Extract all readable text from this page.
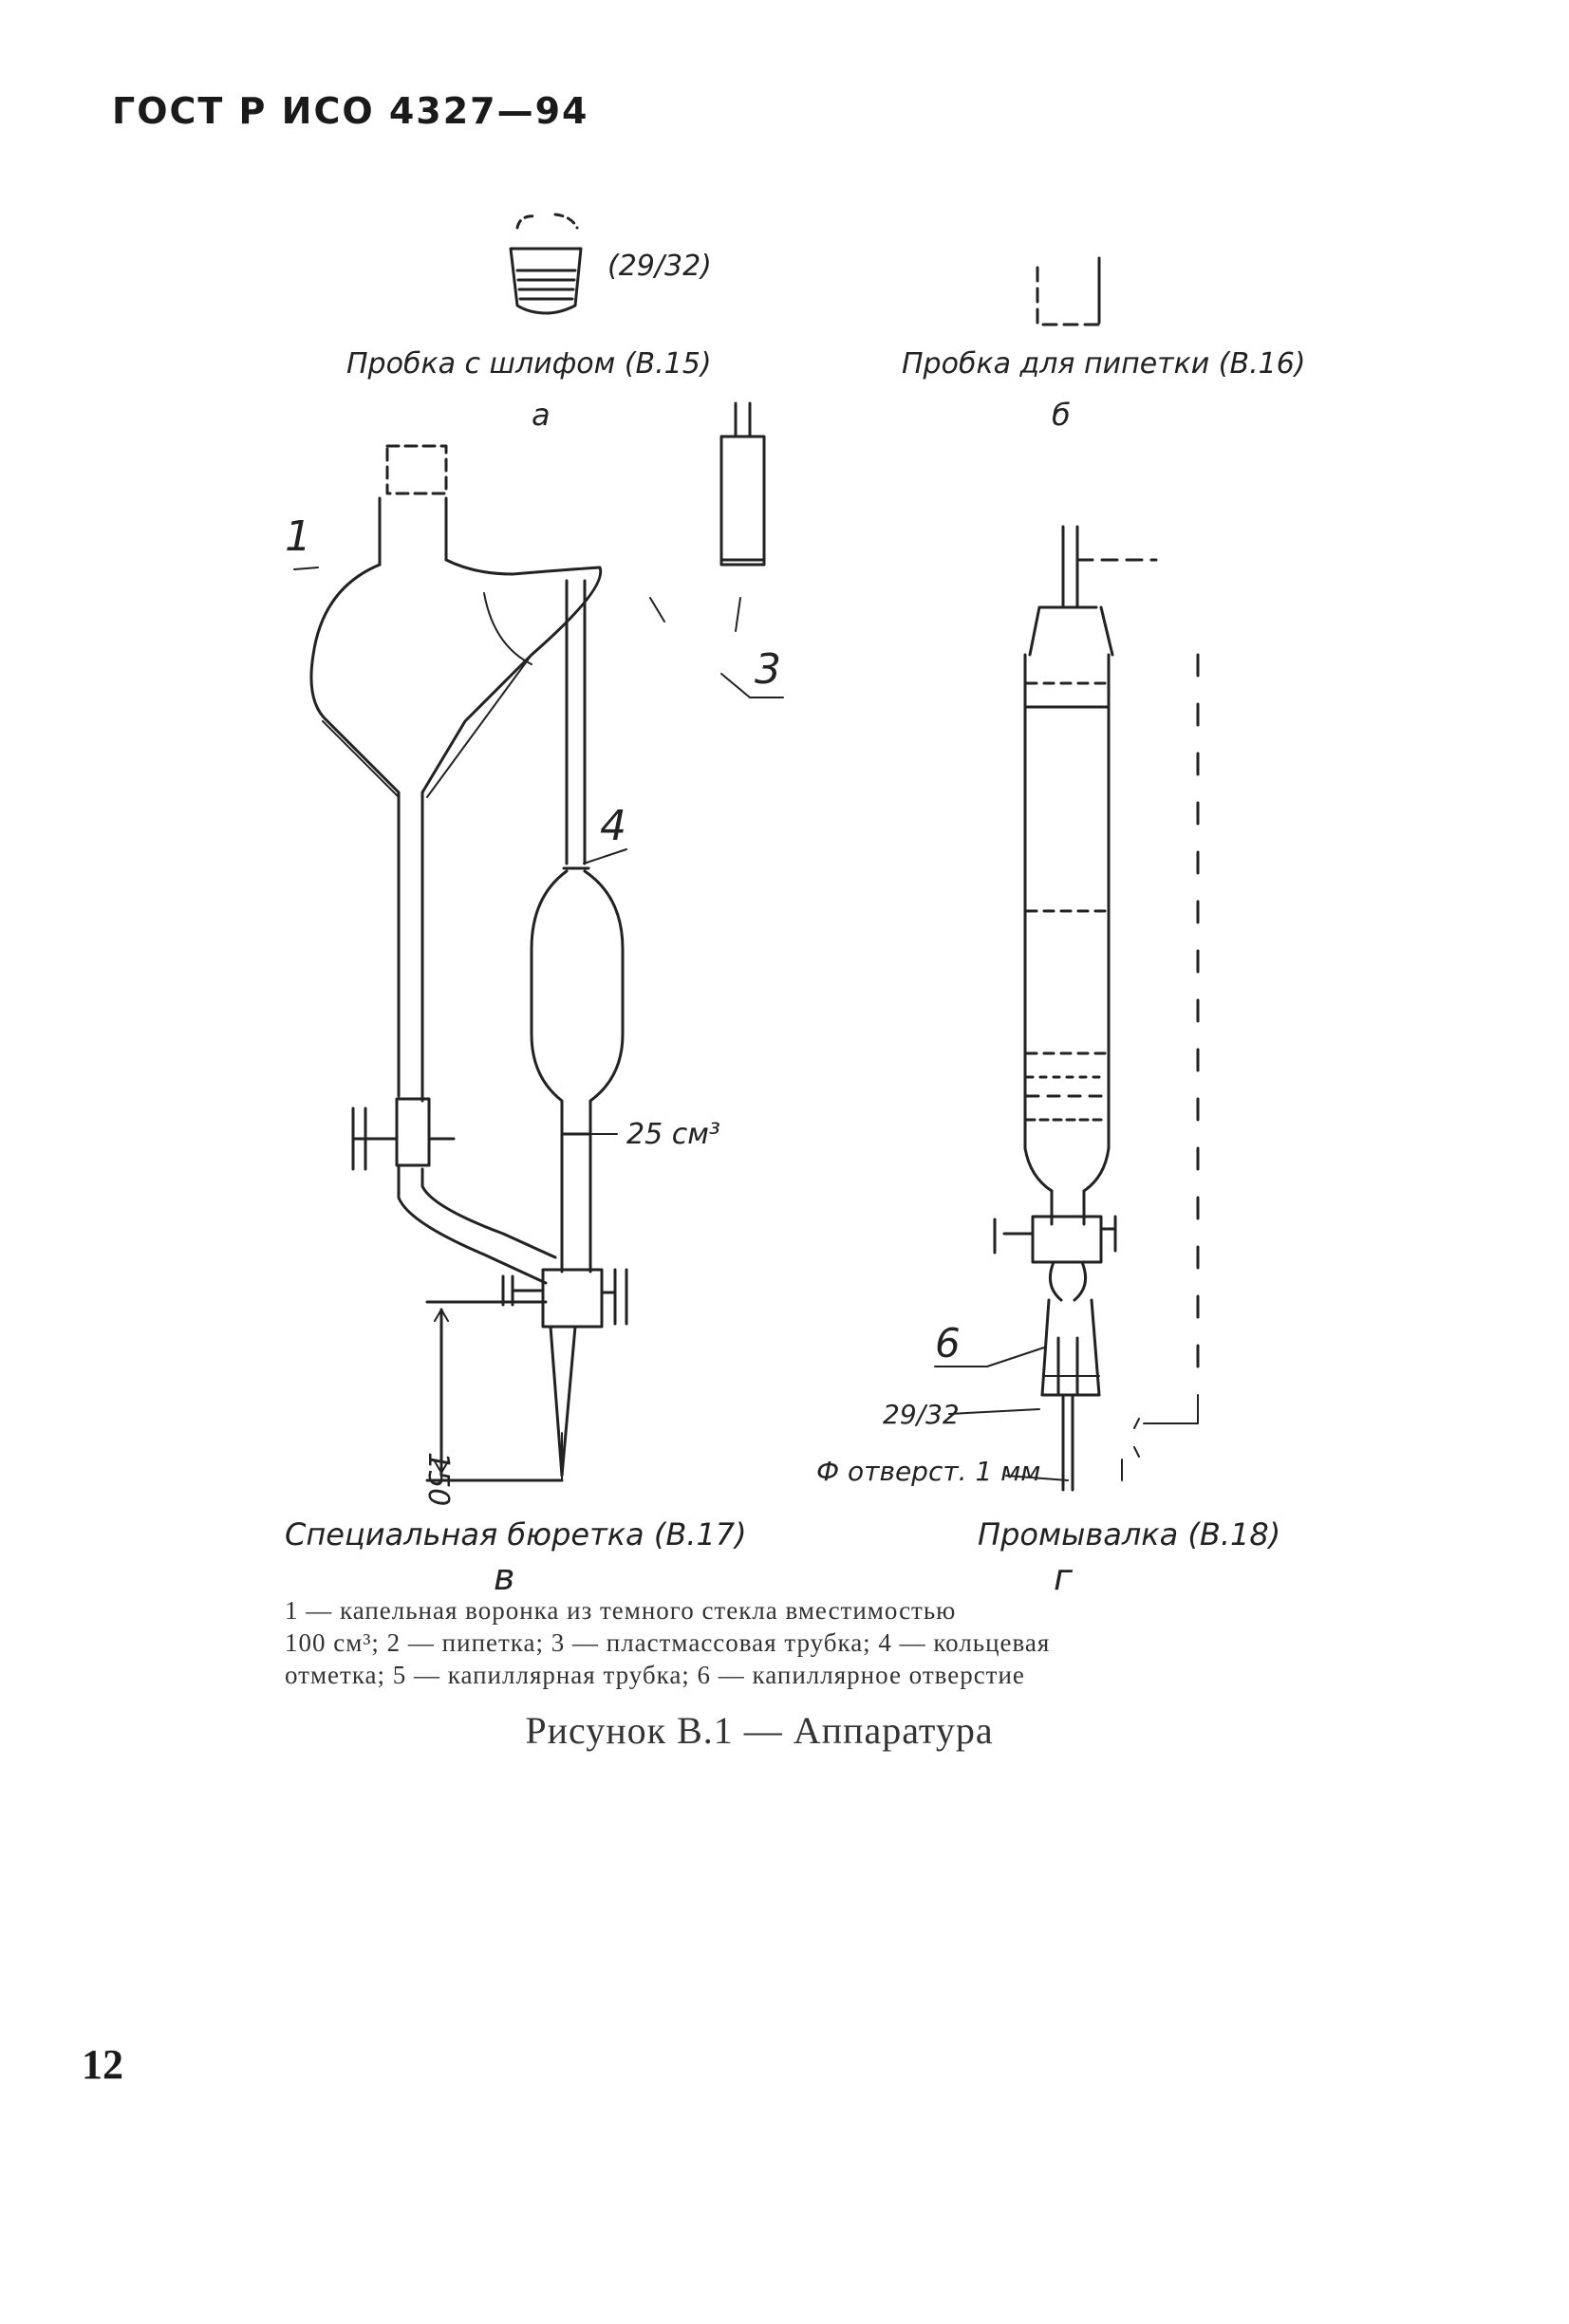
ГОСТ Р ИСО 4327—94
(29/32)
Пробка с шлифом (В.15)
а
Пробка для пипетки (В.16)
б
1
3
4
25 см³
150
Специальная бюретка (В.17)
в
6
29/32
Ф отверст. 1 мм
Промывалка (В.18)
г
1 — капельная воронка из темного стекла вместимостью
100 см³; 2 — пипетка; 3 — пластмассовая трубка; 4 — кольцевая
отметка; 5 — капиллярная трубка; 6 — капиллярное отверстие
Рисунок В.1 — Аппаратура
12
